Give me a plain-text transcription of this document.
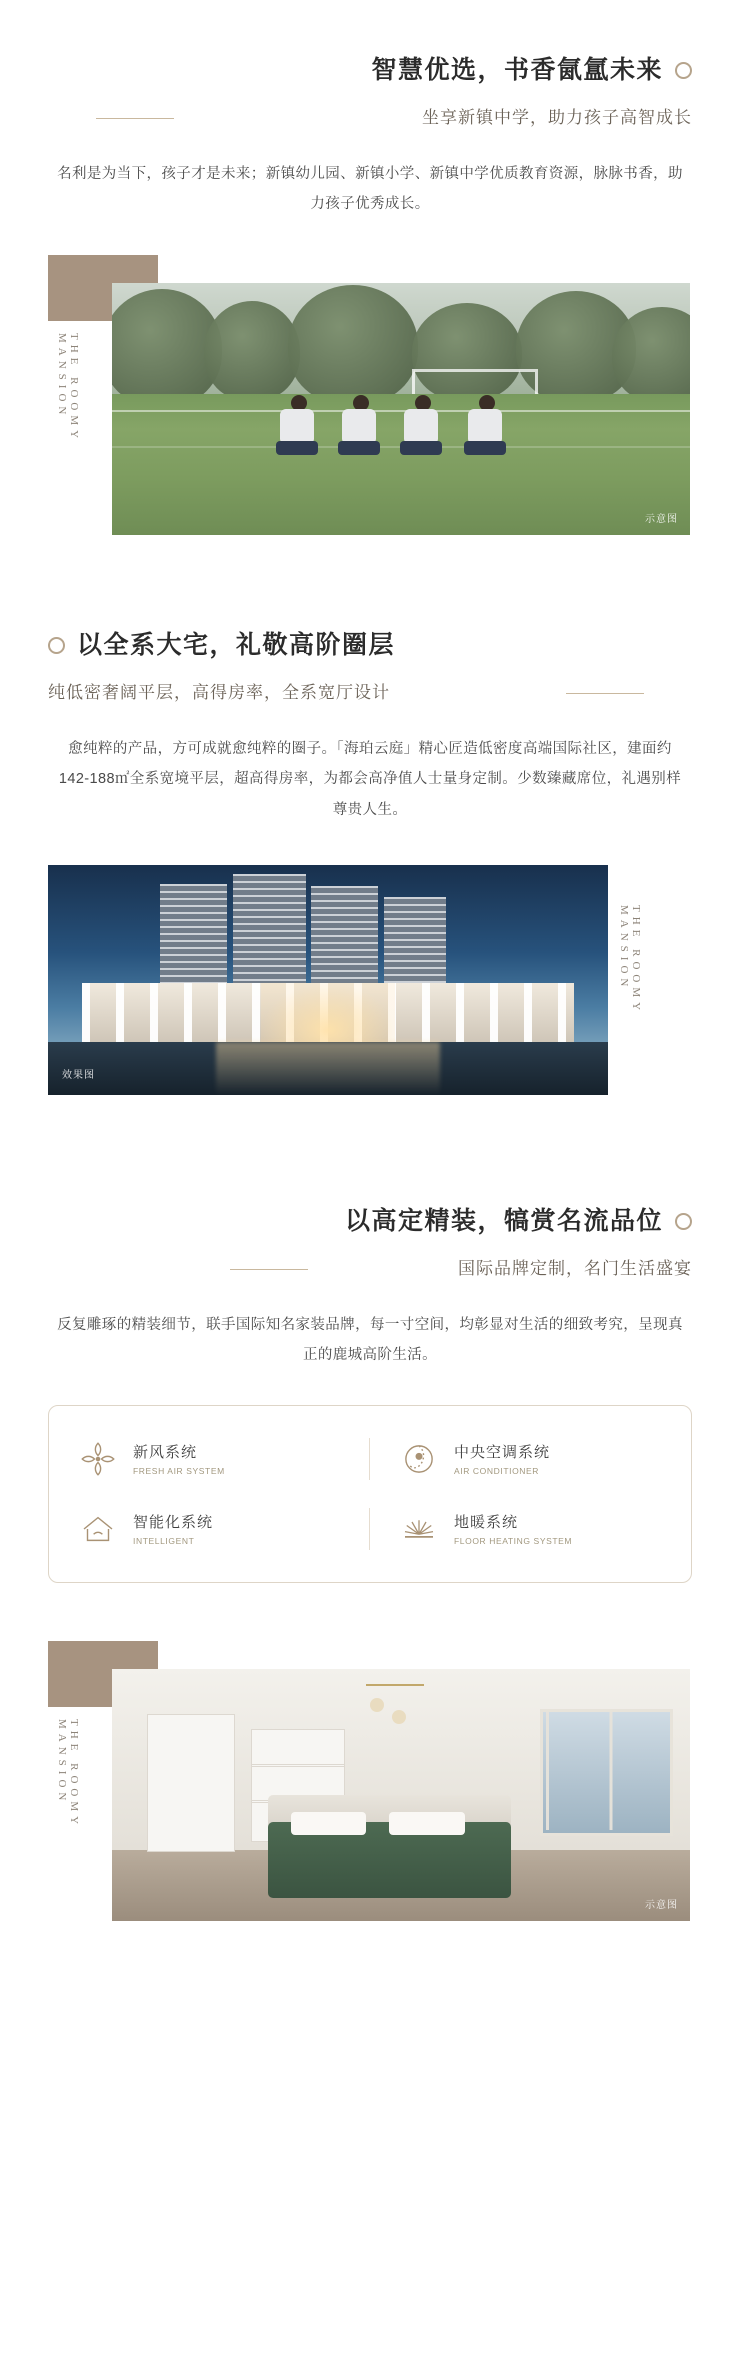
智慧优选，书香氤氲未来
坐享新镇中学，助力孩子高智成长

名利是为当下，孩子才是未来；新镇幼儿园、新镇小学、新镇中学优质教育资源，脉脉书香，助力孩子优秀成长。

THE ROOMY MANSION
示意图
以全系大宅，礼敬高阶圈层
纯低密奢阔平层，高得房率，全系宽厅设计

愈纯粹的产品，方可成就愈纯粹的圈子。「海珀云庭」精心匠造低密度高端国际社区，建面约142-188㎡全系宽境平层，超高得房率，为都会高净值人士量身定制。少数臻藏席位，礼遇别样尊贵人生。

效果图
THE ROOMY MANSION
以高定精装，犒赏名流品位
国际品牌定制，名门生活盛宴

反复雕琢的精装细节，联手国际知名家装品牌，每一寸空间，均彰显对生活的细致考究，呈现真正的鹿城高阶生活。

新风系统
FRESH AIR SYSTEM
中央空调系统
AIR CONDITIONER
智能化系统
INTELLIGENT
地暖系统
FLOOR HEATING SYSTEM
THE ROOMY MANSION
示意图
